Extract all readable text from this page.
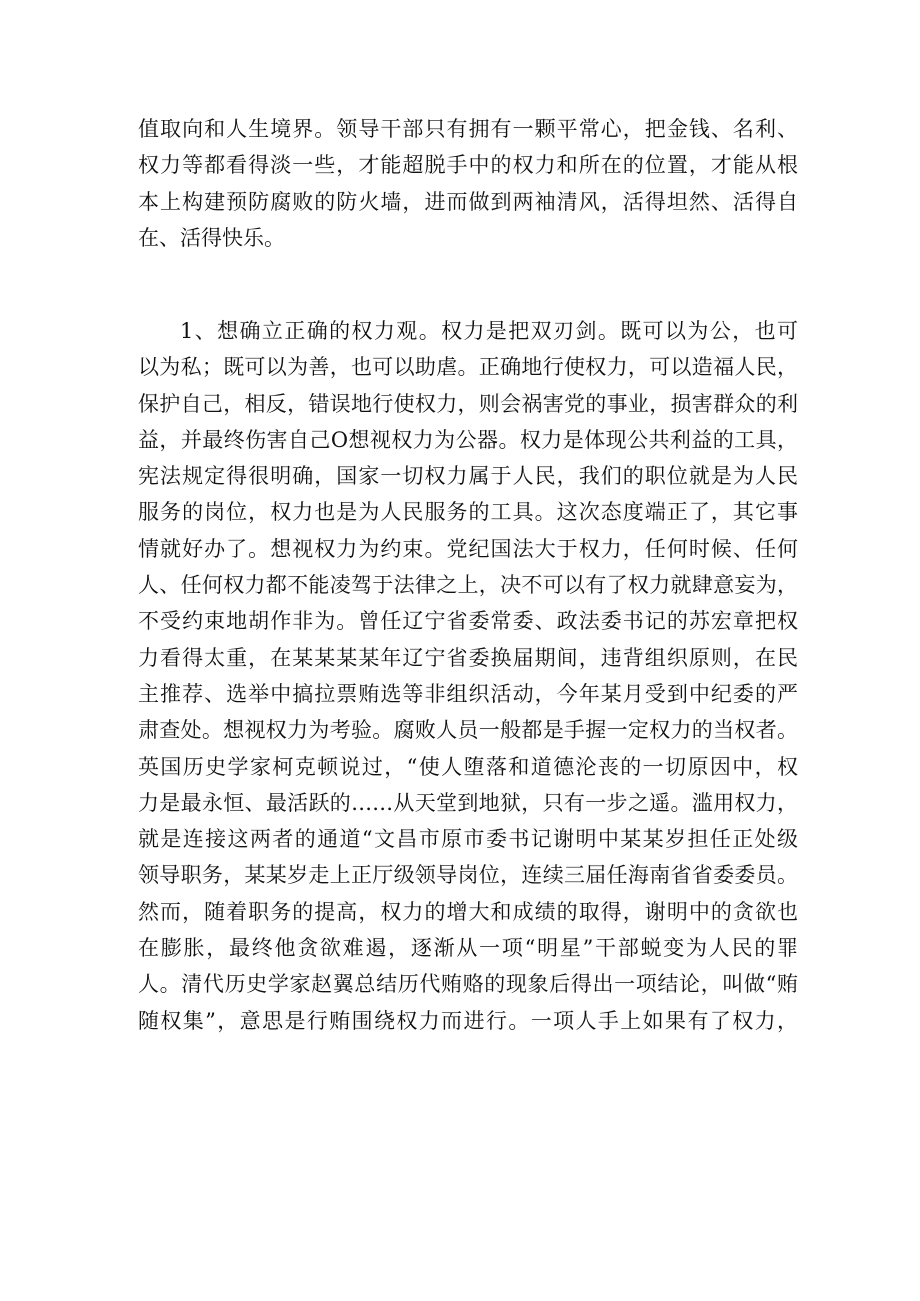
值取向和人生境界。领导干部只有拥有一颗平常心，把金钱、名利、
权力等都看得淡一些，才能超脱手中的权力和所在的位置，才能从根
本上构建预防腐败的防火墙，进而做到两袖清风，活得坦然、活得自
在、活得快乐。
1、想确立正确的权力观。权力是把双刃剑。既可以为公，也可
以为私；既可以为善，也可以助虐。正确地行使权力，可以造福人民，
保护自己，相反，错误地行使权力，则会祸害党的事业，损害群众的利
益，并最终伤害自己O想视权力为公器。权力是体现公共利益的工具，
宪法规定得很明确，国家一切权力属于人民，我们的职位就是为人民
服务的岗位，权力也是为人民服务的工具。这次态度端正了，其它事
情就好办了。想视权力为约束。党纪国法大于权力，任何时候、任何
人、任何权力都不能凌驾于法律之上，决不可以有了权力就肆意妄为，
不受约束地胡作非为。曾任辽宁省委常委、政法委书记的苏宏章把权
力看得太重，在某某某某年辽宁省委换届期间，违背组织原则，在民
主推荐、选举中搞拉票贿选等非组织活动，今年某月受到中纪委的严
肃查处。想视权力为考验。腐败人员一般都是手握一定权力的当权者。
英国历史学家柯克顿说过，“使人堕落和道德沦丧的一切原因中，权
力是最永恒、最活跃的……从天堂到地狱，只有一步之遥。滥用权力，
就是连接这两者的通道“文昌市原市委书记谢明中某某岁担任正处级
领导职务，某某岁走上正厅级领导岗位，连续三届任海南省省委委员。
然而，随着职务的提高，权力的增大和成绩的取得，谢明中的贪欲也
在膨胀，最终他贪欲难遏，逐渐从一项“明星”干部蜕变为人民的罪
人。清代历史学家赵翼总结历代贿赂的现象后得出一项结论，叫做“贿
随权集”，意思是行贿围绕权力而进行。一项人手上如果有了权力，
